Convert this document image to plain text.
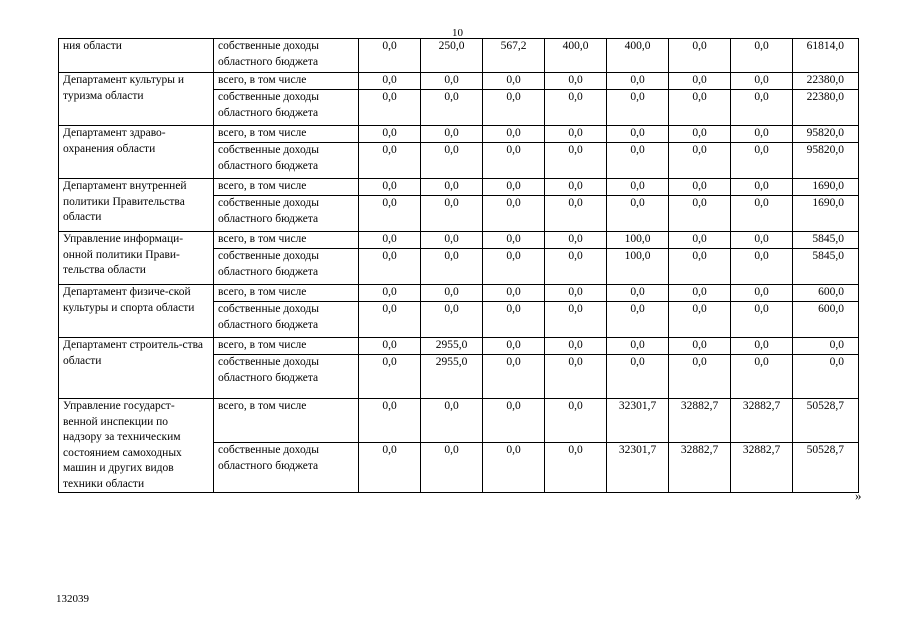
10
ния области	собственные доходы областного бюджета	0,0	250,0	567,2	400,0	400,0	0,0	0,0	61814,0
Департамент культуры и туризма области	всего, в том числе	0,0	0,0	0,0	0,0	0,0	0,0	0,0	22380,0
	собственные доходы областного бюджета	0,0	0,0	0,0	0,0	0,0	0,0	0,0	22380,0
Департамент здраво-охранения области	всего, в том числе	0,0	0,0	0,0	0,0	0,0	0,0	0,0	95820,0
	собственные доходы областного бюджета	0,0	0,0	0,0	0,0	0,0	0,0	0,0	95820,0
Департамент внутренней политики Правительства области	всего, в том числе	0,0	0,0	0,0	0,0	0,0	0,0	0,0	1690,0
	собственные доходы областного бюджета	0,0	0,0	0,0	0,0	0,0	0,0	0,0	1690,0
Управление информаци-онной политики Прави-тельства области	всего, в том числе	0,0	0,0	0,0	0,0	100,0	0,0	0,0	5845,0
	собственные доходы областного бюджета	0,0	0,0	0,0	0,0	100,0	0,0	0,0	5845,0
Департамент физиче-ской культуры и спорта области	всего, в том числе	0,0	0,0	0,0	0,0	0,0	0,0	0,0	600,0
	собственные доходы областного бюджета	0,0	0,0	0,0	0,0	0,0	0,0	0,0	600,0
Департамент строитель-ства области	всего, в том числе	0,0	2955,0	0,0	0,0	0,0	0,0	0,0	0,0
	собственные доходы областного бюджета	0,0	2955,0	0,0	0,0	0,0	0,0	0,0	0,0
Управление государст-венной инспекции по надзору за техническим состоянием самоходных машин и других видов техники области	всего, в том числе	0,0	0,0	0,0	0,0	32301,7	32882,7	32882,7	50528,7
	собственные доходы областного бюджета	0,0	0,0	0,0	0,0	32301,7	32882,7	32882,7	50528,7
»
132039
